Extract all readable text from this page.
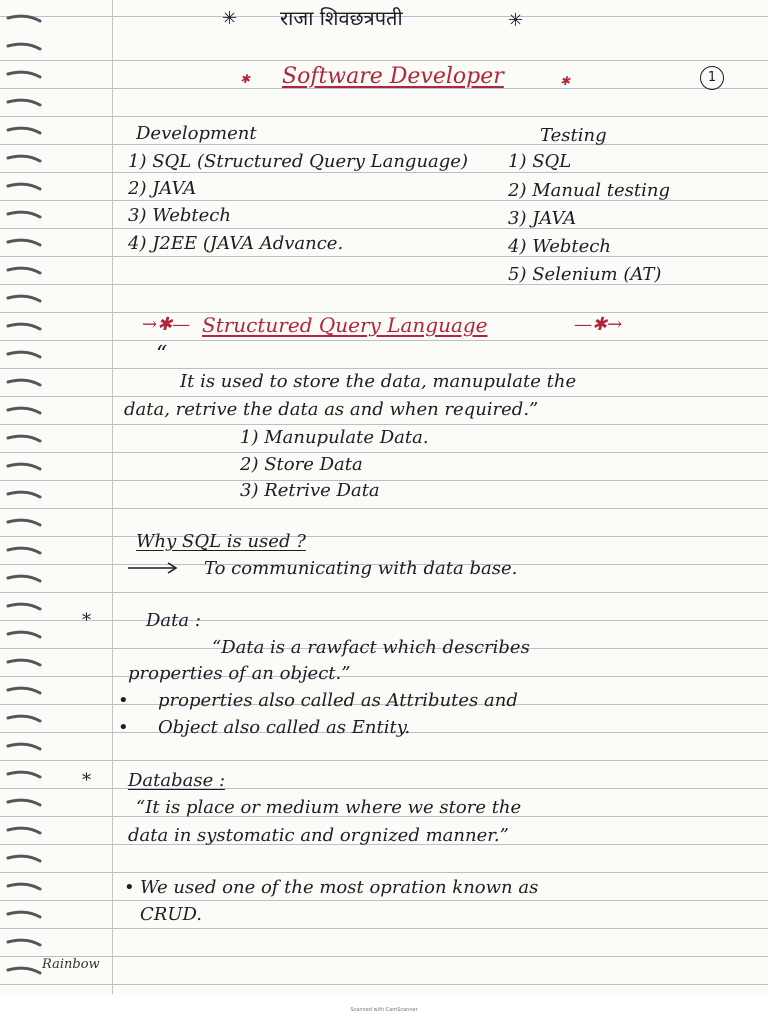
✳ राजा शिवछत्रपती	✳
✱ Software Developer	✱	1
Development
1) SQL (Structured Query Language)
2) JAVA
3) Webtech
4) J2EE (JAVA Advance.
Testing
1) SQL
2) Manual testing
3) JAVA
4) Webtech
5) Selenium (AT)
→✱— Structured Query Language	—✱→
“
It is used to store the data, manupulate the
data, retrive the data as and when required.”
1) Manupulate Data.
2) Store Data
3) Retrive Data
Why SQL is used ?
To communicating with data base.
*	Data :
“Data is a rawfact which describes
properties of an object.”
• properties also called as Attributes and
• Object also called as Entity.
* Database :
“It is place or medium where we store the
data in systomatic and orgnized manner.”
• We used one of the most opration known as
CRUD.
Rainbow
Scanned with CamScanner
